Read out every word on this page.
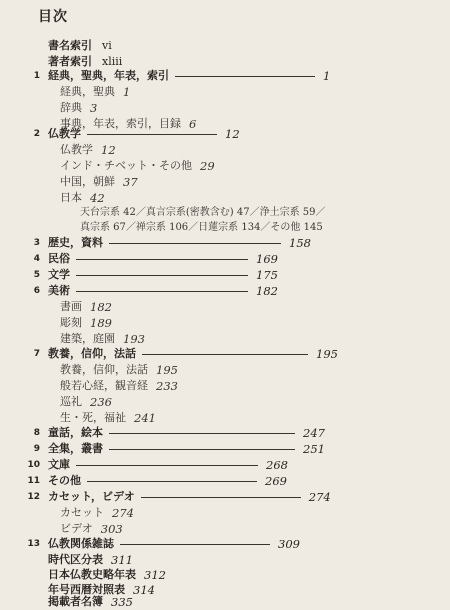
目次
書名索引 vi
著者索引 xliii
1 経典，聖典，年表，索引	1
経典，聖典 1
辞典 3
事典，年表，索引，目録 6
2 仏教学	12
仏教学 12
インド・チベット・その他 29
中国，朝鮮 37
日本 42
天台宗系 42／真言宗系(密教含む) 47／浄土宗系 59／
真宗系 67／禅宗系 106／日蓮宗系 134／その他 145
3 歴史，資料	158
4 民俗	169
5 文学	175
6 美術	182
書画 182
彫刻 189
建築，庭園 193
7 教養，信仰，法話	195
教養，信仰，法話 195
般若心経，観音経 233
巡礼 236
生・死，福祉 241
8 童話，絵本	247
9 全集，叢書	251
10 文庫	268
11 その他	269
12 カセット，ビデオ	274
カセット 274
ビデオ 303
13 仏教関係雑誌	309
時代区分表 311
日本仏教史略年表 312
年号西暦対照表 314
掲載者名簿 335
